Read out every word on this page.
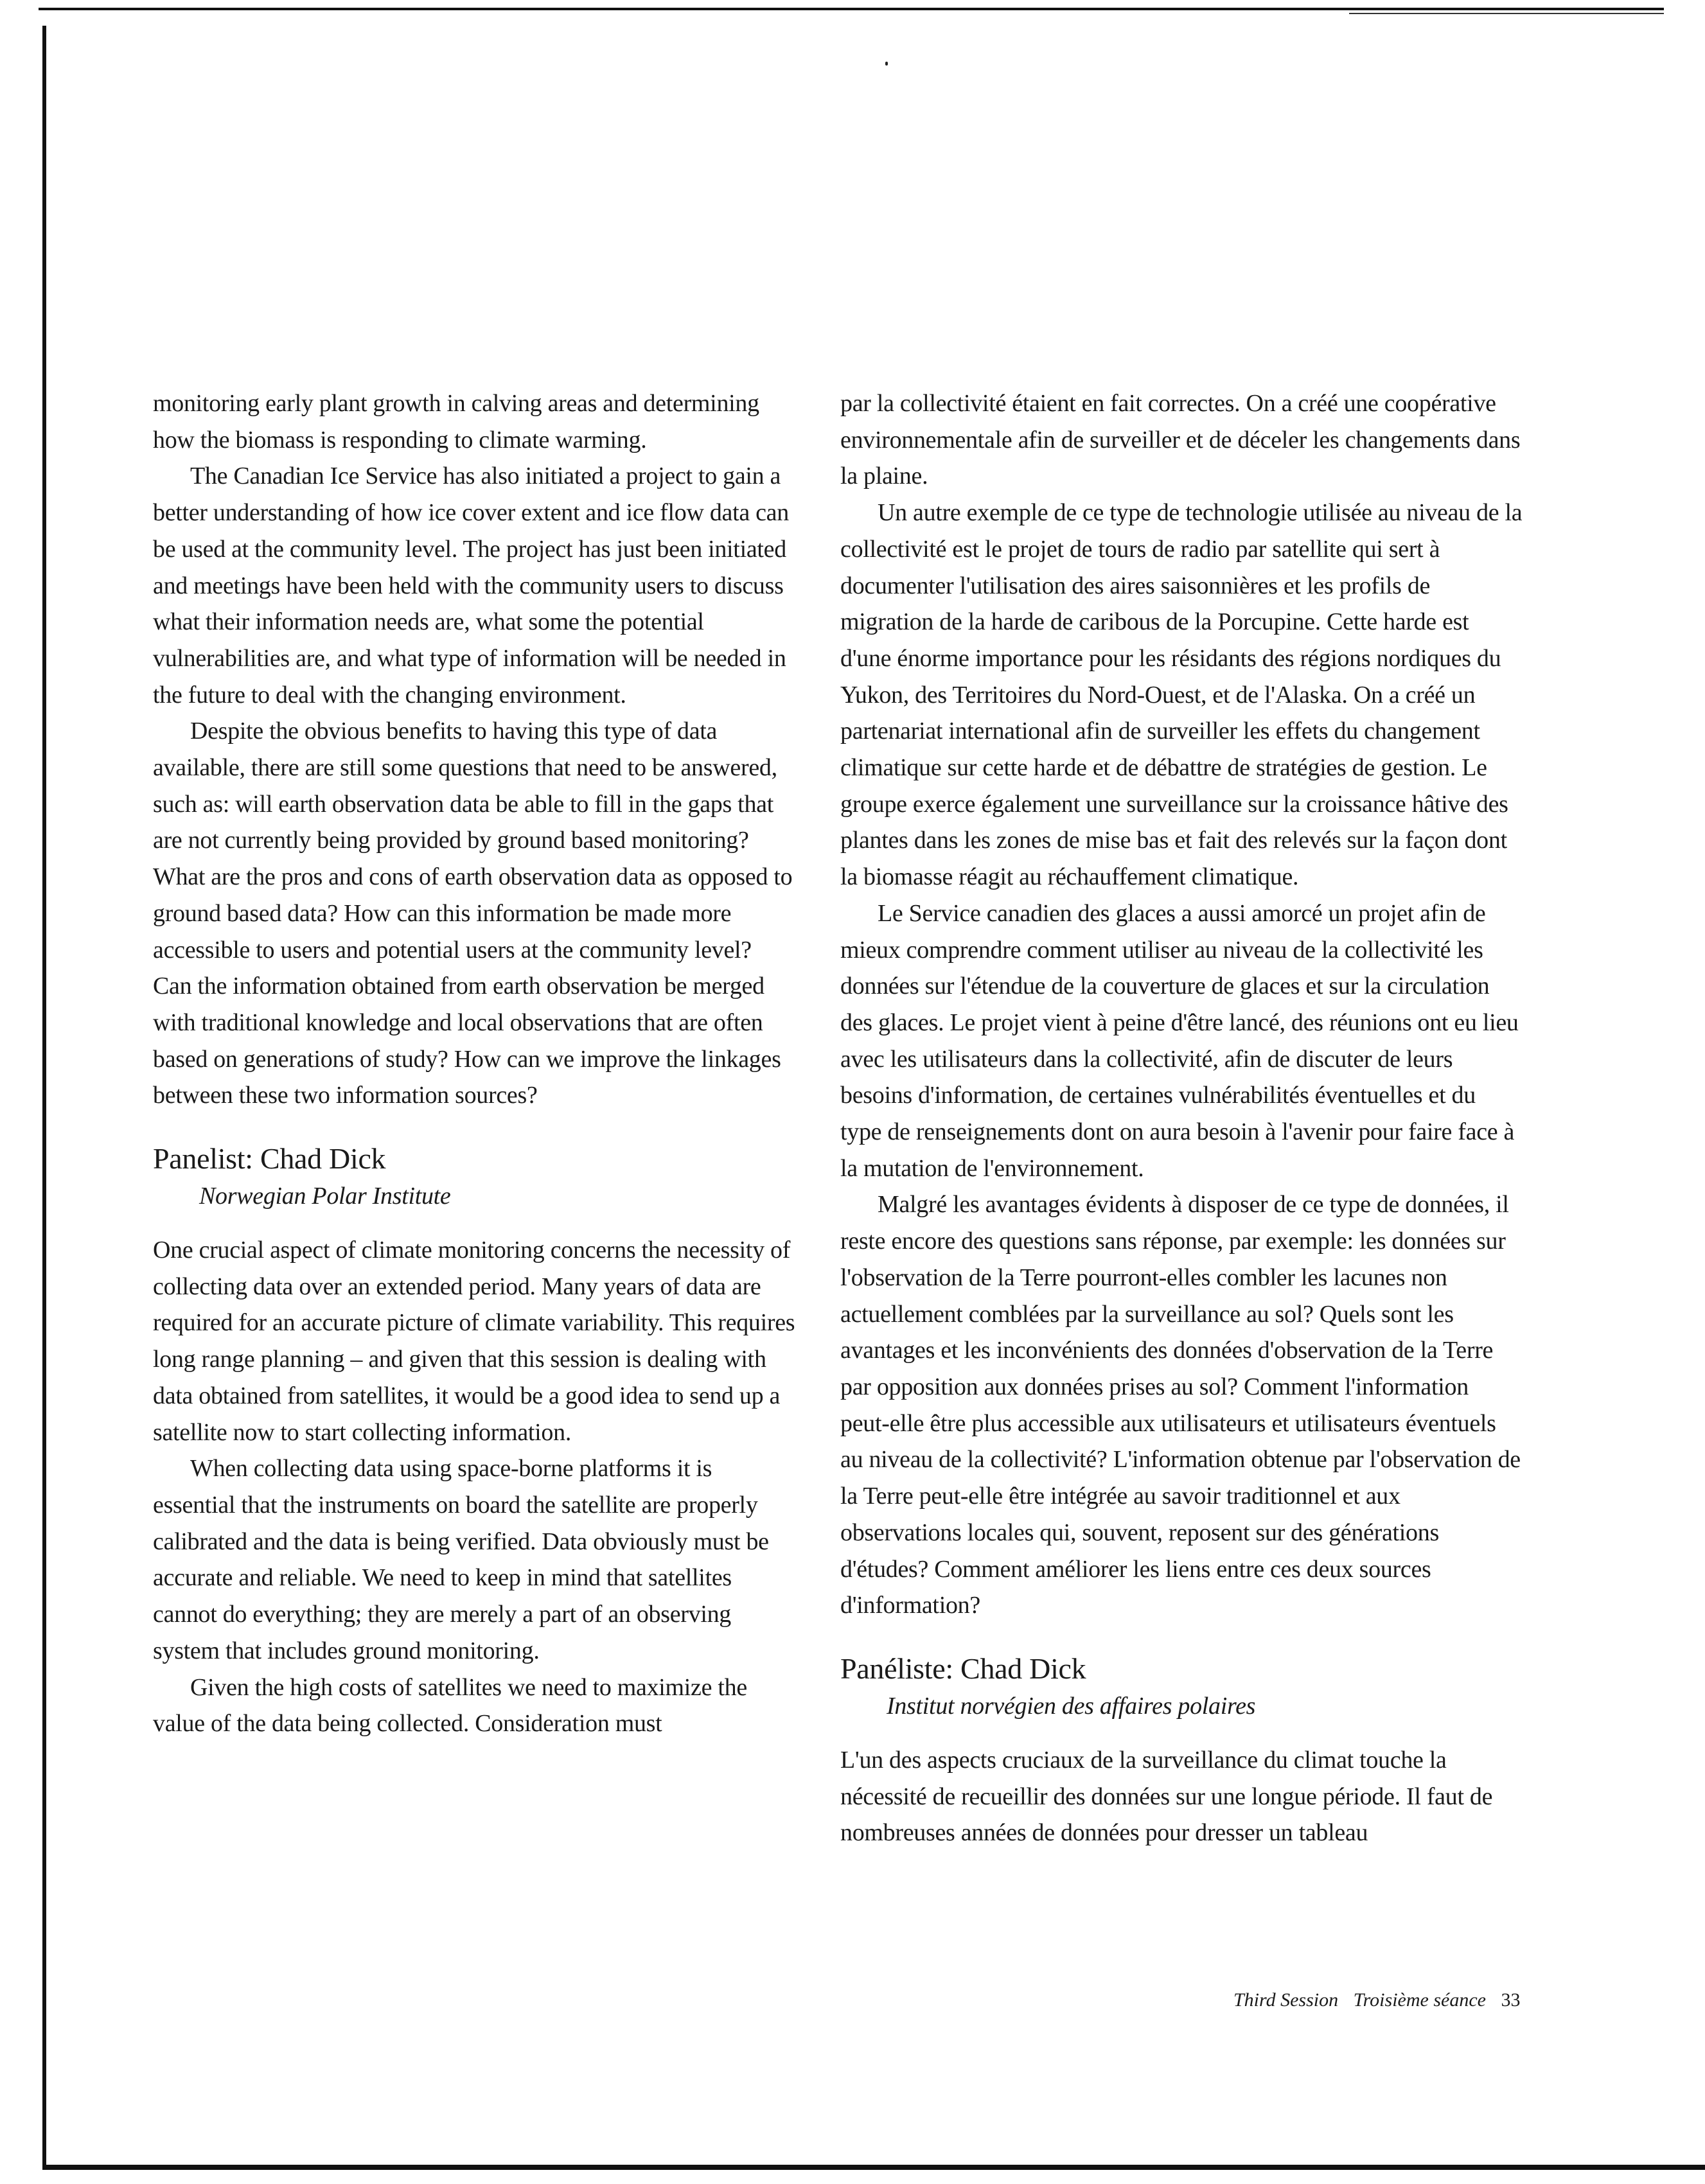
monitoring early plant growth in calving areas and determining how the biomass is responding to climate warming.

The Canadian Ice Service has also initiated a project to gain a better understanding of how ice cover extent and ice flow data can be used at the community level. The project has just been initiated and meetings have been held with the community users to discuss what their information needs are, what some the potential vulnerabilities are, and what type of information will be needed in the future to deal with the changing environment.

Despite the obvious benefits to having this type of data available, there are still some questions that need to be answered, such as: will earth observation data be able to fill in the gaps that are not currently being provided by ground based monitoring? What are the pros and cons of earth observation data as opposed to ground based data? How can this information be made more accessible to users and potential users at the community level? Can the information obtained from earth observation be merged with traditional knowledge and local observations that are often based on generations of study? How can we improve the linkages between these two information sources?

Panelist: Chad Dick
Norwegian Polar Institute

One crucial aspect of climate monitoring concerns the necessity of collecting data over an extended period. Many years of data are required for an accurate picture of climate variability. This requires long range planning – and given that this session is dealing with data obtained from satellites, it would be a good idea to send up a satellite now to start collecting information.

When collecting data using space-borne platforms it is essential that the instruments on board the satellite are properly calibrated and the data is being verified. Data obviously must be accurate and reliable. We need to keep in mind that satellites cannot do everything; they are merely a part of an observing system that includes ground monitoring.

Given the high costs of satellites we need to maximize the value of the data being collected. Consideration must

par la collectivité étaient en fait correctes. On a créé une coopérative environnementale afin de surveiller et de déceler les changements dans la plaine.

Un autre exemple de ce type de technologie utilisée au niveau de la collectivité est le projet de tours de radio par satellite qui sert à documenter l'utilisation des aires saisonnières et les profils de migration de la harde de caribous de la Porcupine. Cette harde est d'une énorme importance pour les résidants des régions nordiques du Yukon, des Territoires du Nord-Ouest, et de l'Alaska. On a créé un partenariat international afin de surveiller les effets du changement climatique sur cette harde et de débattre de stratégies de gestion. Le groupe exerce également une surveillance sur la croissance hâtive des plantes dans les zones de mise bas et fait des relevés sur la façon dont la biomasse réagit au réchauffement climatique.

Le Service canadien des glaces a aussi amorcé un projet afin de mieux comprendre comment utiliser au niveau de la collectivité les données sur l'étendue de la couverture de glaces et sur la circulation des glaces. Le projet vient à peine d'être lancé, des réunions ont eu lieu avec les utilisateurs dans la collectivité, afin de discuter de leurs besoins d'information, de certaines vulnérabilités éventuelles et du type de renseignements dont on aura besoin à l'avenir pour faire face à la mutation de l'environnement.

Malgré les avantages évidents à disposer de ce type de données, il reste encore des questions sans réponse, par exemple: les données sur l'observation de la Terre pourront-elles combler les lacunes non actuellement comblées par la surveillance au sol? Quels sont les avantages et les inconvénients des données d'observation de la Terre par opposition aux données prises au sol? Comment l'information peut-elle être plus accessible aux utilisateurs et utilisateurs éventuels au niveau de la collectivité? L'information obtenue par l'observation de la Terre peut-elle être intégrée au savoir traditionnel et aux observations locales qui, souvent, reposent sur des générations d'études? Comment améliorer les liens entre ces deux sources d'information?

Panéliste: Chad Dick
Institut norvégien des affaires polaires

L'un des aspects cruciaux de la surveillance du climat touche la nécessité de recueillir des données sur une longue période. Il faut de nombreuses années de données pour dresser un tableau

Third Session Troisième séance 33
